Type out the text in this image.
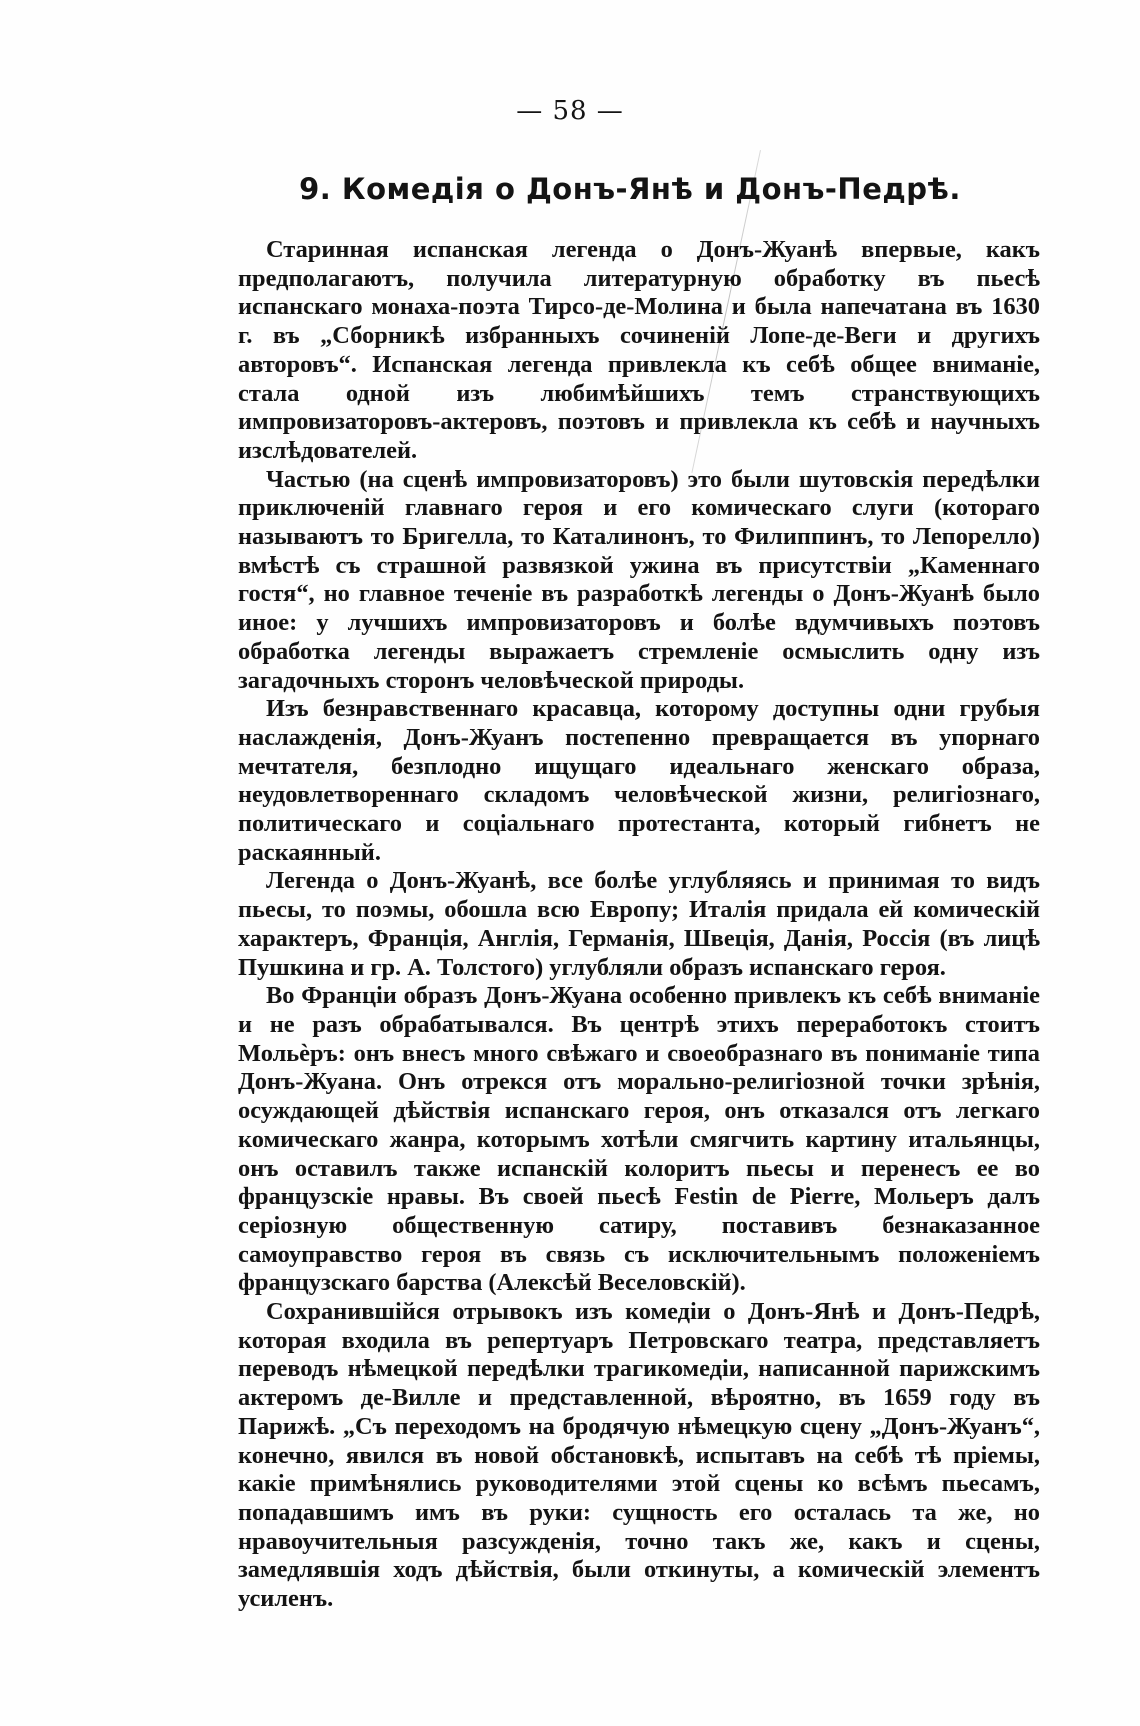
— 58 —
9. Комедія о Донъ-Янѣ и Донъ-Педрѣ.

Старинная испанская легенда о Донъ-Жуанѣ впервые, какъ предполагаютъ, получила литературную обработку въ пьесѣ испанскаго монаха-поэта Тирсо-де-Молина и была напечатана въ 1630 г. въ „Сборникѣ избранныхъ сочиненій Лопе-де-Веги и другихъ авторовъ“. Испанская легенда привлекла къ себѣ общее вниманіе, стала одной изъ любимѣйшихъ темъ странствующихъ импровизаторовъ-актеровъ, поэтовъ и привлекла къ себѣ и научныхъ изслѣдователей.

Частью (на сценѣ импровизаторовъ) это были шутовскія передѣлки приключеній главнаго героя и его комическаго слуги (котораго называютъ то Бригелла, то Каталинонъ, то Филиппинъ, то Лепорелло) вмѣстѣ съ страшной развязкой ужина въ присутствіи „Каменнаго гостя“, но главное теченіе въ разработкѣ легенды о Донъ-Жуанѣ было иное: у лучшихъ импровизаторовъ и болѣе вдумчивыхъ поэтовъ обработка легенды выражаетъ стремленіе осмыслить одну изъ загадочныхъ сторонъ человѣческой природы.

Изъ безнравственнаго красавца, которому доступны одни грубыя наслажденія, Донъ-Жуанъ постепенно превращается въ упорнаго мечтателя, безплодно ищущаго идеальнаго женскаго образа, неудовлетвореннаго складомъ человѣческой жизни, религіознаго, политическаго и соціальнаго протестанта, который гибнетъ не раскаянный.

Легенда о Донъ-Жуанѣ, все болѣе углубляясь и принимая то видъ пьесы, то поэмы, обошла всю Европу; Италія придала ей комическій характеръ, Франція, Англія, Германія, Швеція, Данія, Россія (въ лицѣ Пушкина и гр. А. Толстого) углубляли образъ испанскаго героя.

Во Франціи образъ Донъ-Жуана особенно привлекъ къ себѣ вниманіе и не разъ обрабатывался. Въ центрѣ этихъ переработокъ стоитъ Мольѐръ: онъ внесъ много свѣжаго и своеобразнаго въ пониманіе типа Донъ-Жуана. Онъ отрекся отъ морально-религіозной точки зрѣнія, осуждающей дѣйствія испанскаго героя, онъ отказался отъ легкаго комическаго жанра, которымъ хотѣли смягчить картину итальянцы, онъ оставилъ также испанскій колоритъ пьесы и перенесъ ее во французскіе нравы. Въ своей пьесѣ Festin de Pierre, Мольеръ далъ серіозную общественную сатиру, поставивъ безнаказанное самоуправство героя въ связь съ исключительнымъ положеніемъ французскаго барства (Алексѣй Веселовскій).

Сохранившійся отрывокъ изъ комедіи о Донъ-Янѣ и Донъ-Педрѣ, которая входила въ репертуаръ Петровскаго театра, представляетъ переводъ нѣмецкой передѣлки трагикомедіи, написанной парижскимъ актеромъ де-Вилле и представленной, вѣроятно, въ 1659 году въ Парижѣ. „Съ переходомъ на бродячую нѣмецкую сцену „Донъ-Жуанъ“, конечно, явился въ новой обстановкѣ, испытавъ на себѣ тѣ пріемы, какіе примѣнялись руководителями этой сцены ко всѣмъ пьесамъ, попадавшимъ имъ въ руки: сущность его осталась та же, но нравоучительныя разсужденія, точно такъ же, какъ и сцены, замедлявшія ходъ дѣйствія, были откинуты, а комическій элементъ усиленъ.
